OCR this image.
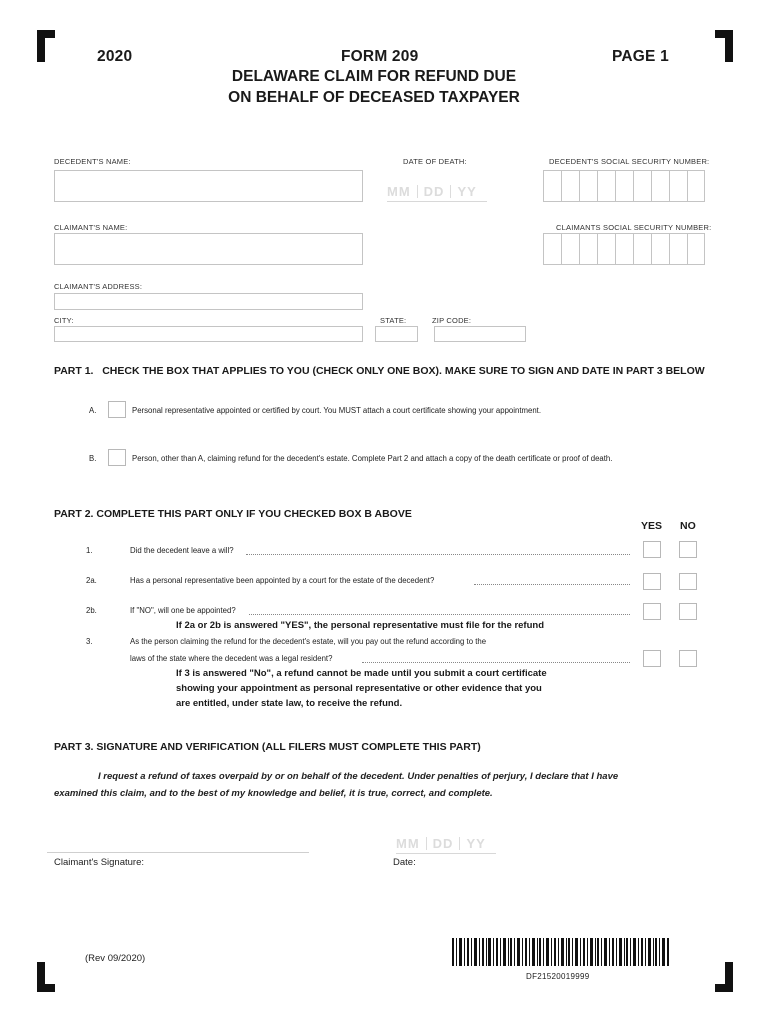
2020	FORM 209	PAGE 1
DELAWARE CLAIM FOR REFUND DUE
ON BEHALF OF DECEASED TAXPAYER
DECEDENT'S NAME:	DATE OF DEATH:
MM DD YY
DECEDENT'S SOCIAL SECURITY NUMBER:
CLAIMANT'S NAME:	CLAIMANTS SOCIAL SECURITY NUMBER:
CLAIMANT'S ADDRESS:
CITY:	STATE:	ZIP CODE:
PART 1.   CHECK THE BOX THAT APPLIES TO YOU (CHECK ONLY ONE BOX). MAKE SURE TO SIGN AND DATE IN PART 3 BELOW
A.	Personal representative appointed or certified by court. You MUST attach a court certificate showing your appointment.
B.	Person, other than A, claiming refund for the decedent's estate. Complete Part 2 and attach a copy of the death certificate or proof of death.
PART 2. COMPLETE THIS PART ONLY IF YOU CHECKED BOX B ABOVE
YES NO
1.	Did the decedent leave a will?
2a.	Has a personal representative been appointed by a court for the estate of the decedent?
2b.	If "NO", will one be appointed?
If 2a or 2b is answered "YES", the personal representative must file for the refund
3.	As the person claiming the refund for the decedent's estate, will you pay out the refund according to the
laws of the state where the decedent was a legal resident?
If 3 is answered "No", a refund cannot be made until you submit a court certificate
showing your appointment as personal representative or other evidence that you
are entitled, under state law, to receive the refund.
PART 3. SIGNATURE AND VERIFICATION (ALL FILERS MUST COMPLETE THIS PART)
I request a refund of taxes overpaid by or on behalf of the decedent. Under penalties of perjury, I declare that I have
examined this claim, and to the best of my knowledge and belief, it is true, correct, and complete.
Claimant's Signature:
MM DD YY
Date:
(Rev 09/2020)
DF21520019999
